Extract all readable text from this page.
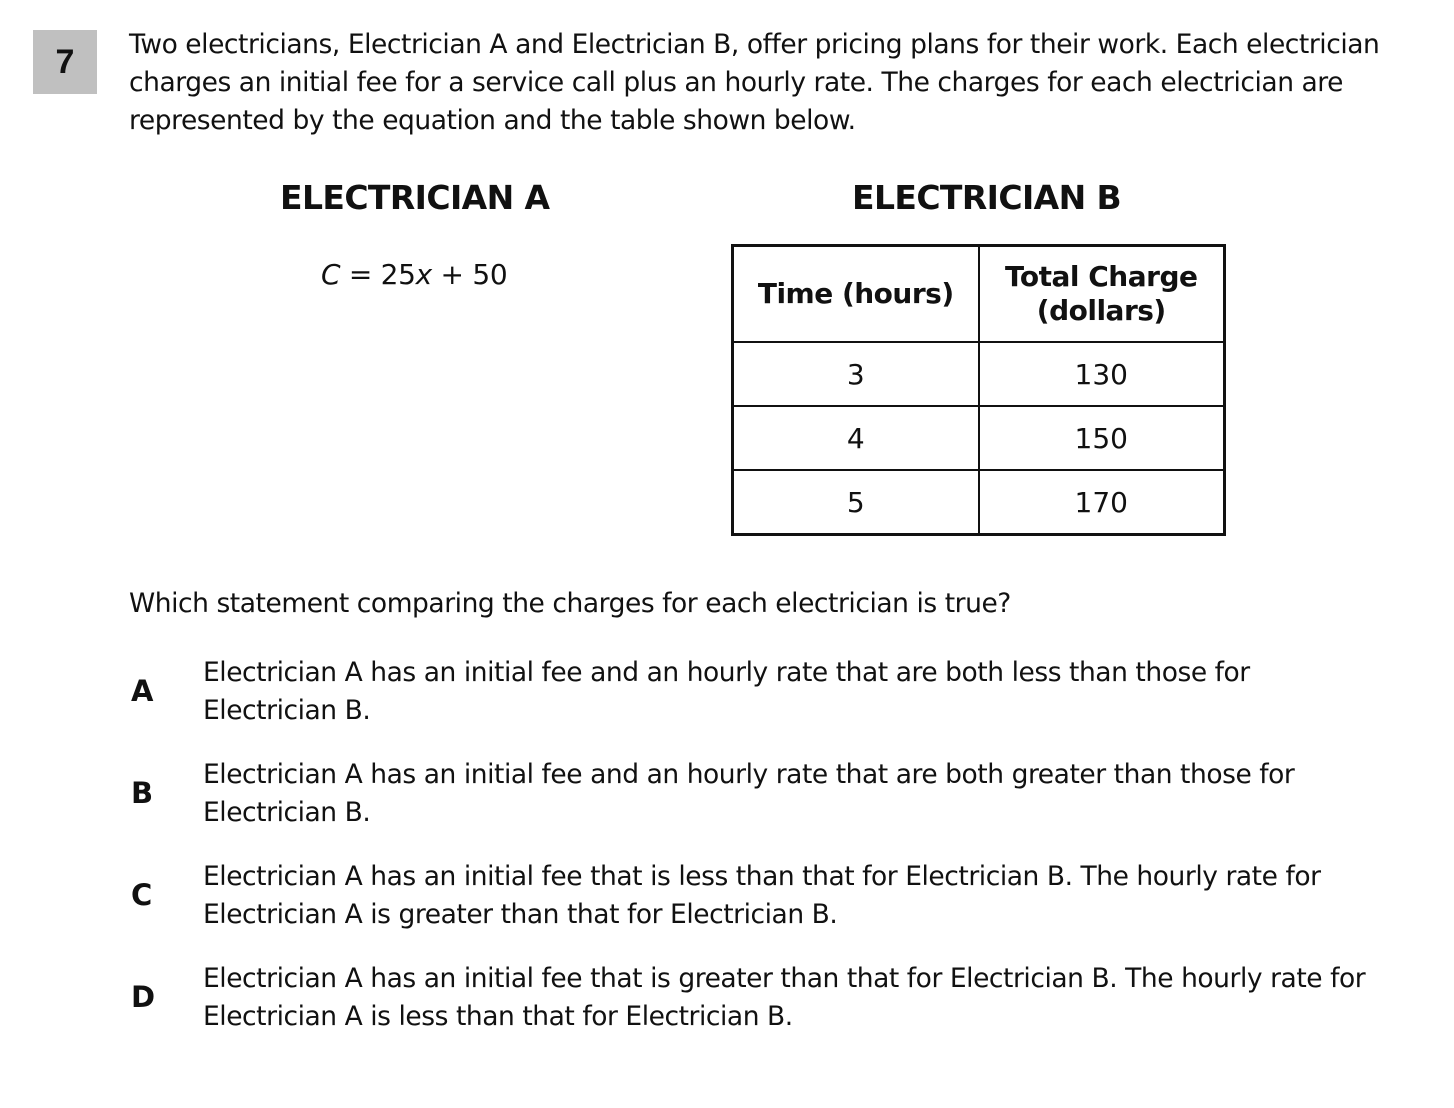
7 Two electricians, Electrician A and Electrician B, offer pricing plans for their work. Each electrician charges an initial fee for a service call plus an hourly rate. The charges for each electrician are represented by the equation and the table shown below.
ELECTRICIAN A	ELECTRICIAN B
C = 25x + 50
Time (hours)	Total Charge
(dollars)
3	130
4	150
5	170
Which statement comparing the charges for each electrician is true?
A
Electrician A has an initial fee and an hourly rate that are both less than those for Electrician B.
B
Electrician A has an initial fee and an hourly rate that are both greater than those for Electrician B.
C
Electrician A has an initial fee that is less than that for Electrician B. The hourly rate for Electrician A is greater than that for Electrician B.
D
Electrician A has an initial fee that is greater than that for Electrician B. The hourly rate for Electrician A is less than that for Electrician B.
